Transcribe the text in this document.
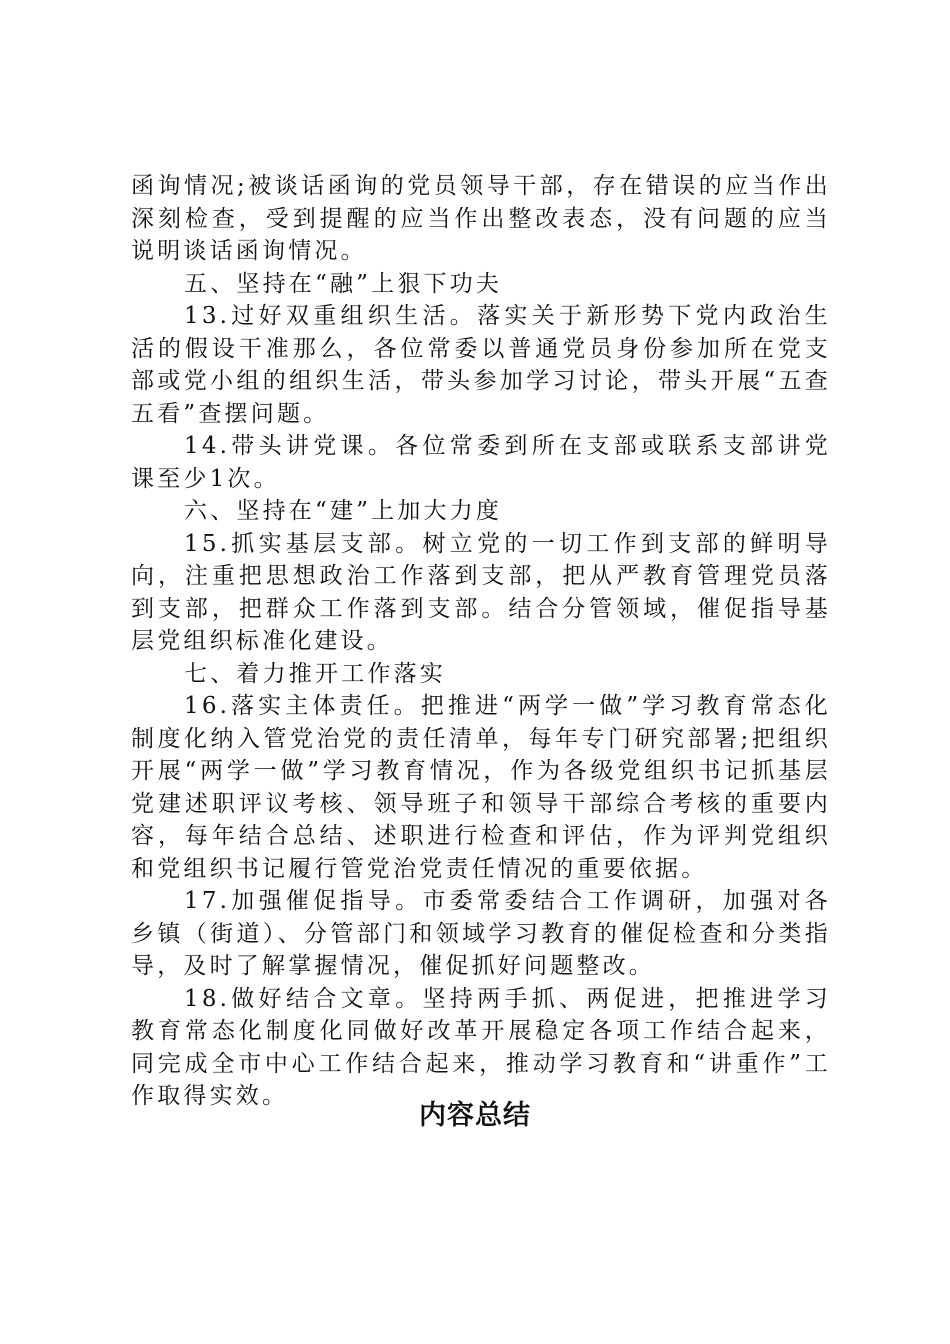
函询情况;被谈话函询的党员领导干部，存在错误的应当作出深刻检查，受到提醒的应当作出整改表态，没有问题的应当说明谈话函询情况。

五、坚持在“融”上狠下功夫

13.过好双重组织生活。落实关于新形势下党内政治生活的假设干准那么，各位常委以普通党员身份参加所在党支部或党小组的组织生活，带头参加学习讨论，带头开展“五查五看”查摆问题。

14.带头讲党课。各位常委到所在支部或联系支部讲党课至少1次。

六、坚持在“建”上加大力度

15.抓实基层支部。树立党的一切工作到支部的鲜明导向，注重把思想政治工作落到支部，把从严教育管理党员落到支部，把群众工作落到支部。结合分管领域，催促指导基层党组织标准化建设。

七、着力推开工作落实

16.落实主体责任。把推进“两学一做”学习教育常态化制度化纳入管党治党的责任清单，每年专门研究部署;把组织开展“两学一做”学习教育情况，作为各级党组织书记抓基层党建述职评议考核、领导班子和领导干部综合考核的重要内容，每年结合总结、述职进行检查和评估，作为评判党组织和党组织书记履行管党治党责任情况的重要依据。

17.加强催促指导。市委常委结合工作调研，加强对各乡镇（街道）、分管部门和领域学习教育的催促检查和分类指导，及时了解掌握情况，催促抓好问题整改。

18.做好结合文章。坚持两手抓、两促进，把推进学习教育常态化制度化同做好改革开展稳定各项工作结合起来，同完成全市中心工作结合起来，推动学习教育和“讲重作”工作取得实效。

内容总结
